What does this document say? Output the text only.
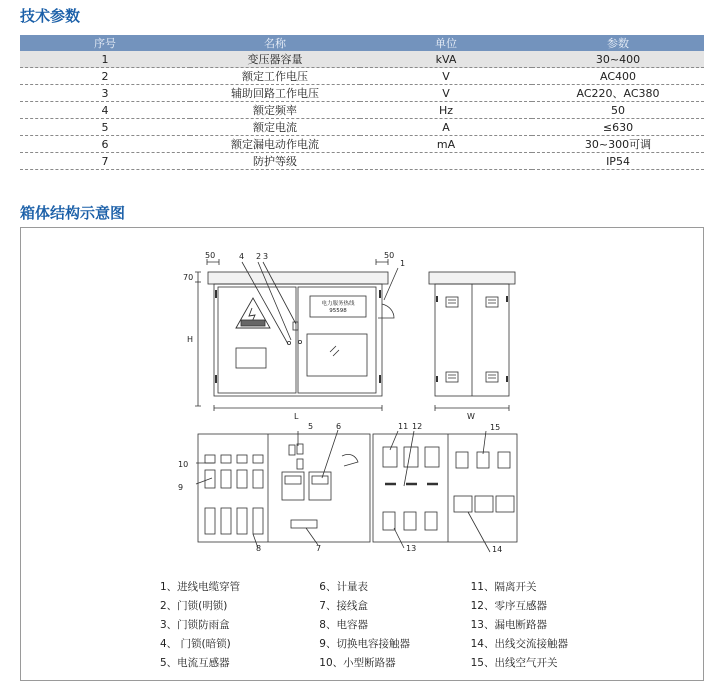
技术参数
序号	名称	单位	参数
1	变压器容量	kVA	30~400
2	额定工作电压	V	AC400
3	辅助回路工作电压	V	AC220、AC380
4	额定频率	Hz	50
5	额定电流	A	≤630
6	额定漏电动作电流	mA	30~300可调
7	防护等级		IP54
箱体结构示意图
50	50
70
H
L	W
1
2 3
4
5	6
7
8
9
10
11 12
13	14
15
电力服务热线
95598
1、进线电缆穿管	6、计量表	11、隔离开关
2、门锁(明锁)	7、接线盒	12、零序互感器
3、门锁防雨盒	8、电容器	13、漏电断路器
4、 门锁(暗锁)	9、切换电容接触器	14、出线交流接触器
5、电流互感器	10、小型断路器	15、出线空气开关
